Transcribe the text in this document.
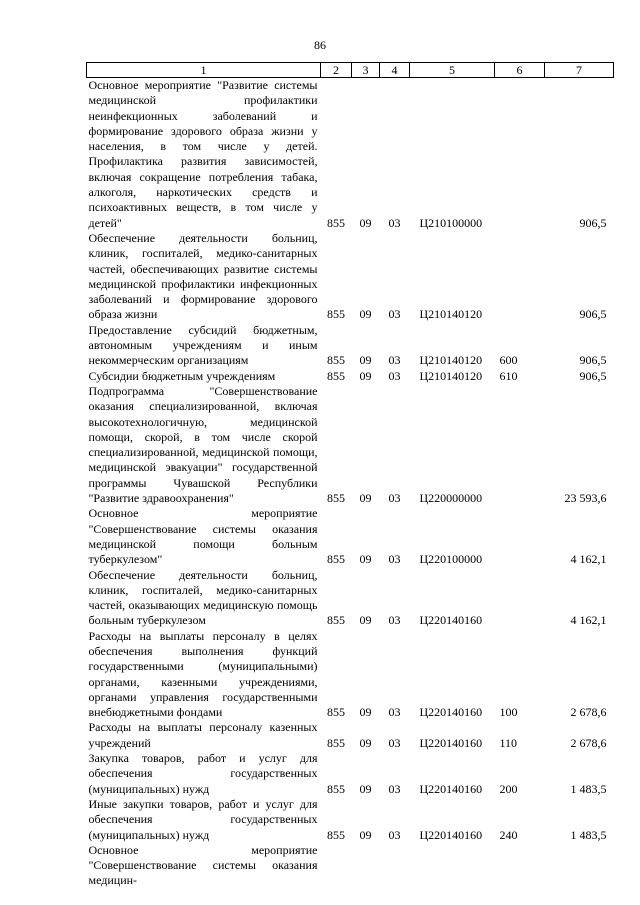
86
1	2	3	4	5	6	7
Основное мероприятие "Развитие системы медицинской профилактики неинфекционных заболеваний и формирование здорового образа жизни у населения, в том числе у детей. Профилактика развития зависимостей, включая сокращение потребления табака, алкоголя, наркотических средств и психоактивных веществ, в том числе у детей"	855	09	03	Ц210100000		906,5
Обеспечение деятельности больниц, клиник, госпиталей, медико-санитарных частей, обеспечивающих развитие системы медицинской профилактики инфекционных заболеваний и формирование здорового образа жизни	855	09	03	Ц210140120		906,5
Предоставление субсидий бюджетным, автономным учреждениям и иным некоммерческим организациям	855	09	03	Ц210140120	600	906,5
Субсидии бюджетным учреждениям	855	09	03	Ц210140120	610	906,5
Подпрограмма "Совершенствование оказания специализированной, включая высокотехнологичную, медицинской помощи, скорой, в том числе скорой специализированной, медицинской помощи, медицинской эвакуации" государственной программы Чувашской Республики "Развитие здравоохранения"	855	09	03	Ц220000000		23 593,6
Основное мероприятие "Совершенствование системы оказания медицинской помощи больным туберкулезом"	855	09	03	Ц220100000		4 162,1
Обеспечение деятельности больниц, клиник, госпиталей, медико-санитарных частей, оказывающих медицинскую помощь больным туберкулезом	855	09	03	Ц220140160		4 162,1
Расходы на выплаты персоналу в целях обеспечения выполнения функций государственными (муниципальными) органами, казенными учреждениями, органами управления государственными внебюджетными фондами	855	09	03	Ц220140160	100	2 678,6
Расходы на выплаты персоналу казенных учреждений	855	09	03	Ц220140160	110	2 678,6
Закупка товаров, работ и услуг для обеспечения государственных (муниципальных) нужд	855	09	03	Ц220140160	200	1 483,5
Иные закупки товаров, работ и услуг для обеспечения государственных (муниципальных) нужд	855	09	03	Ц220140160	240	1 483,5
Основное мероприятие "Совершенствование системы оказания медицин-						
